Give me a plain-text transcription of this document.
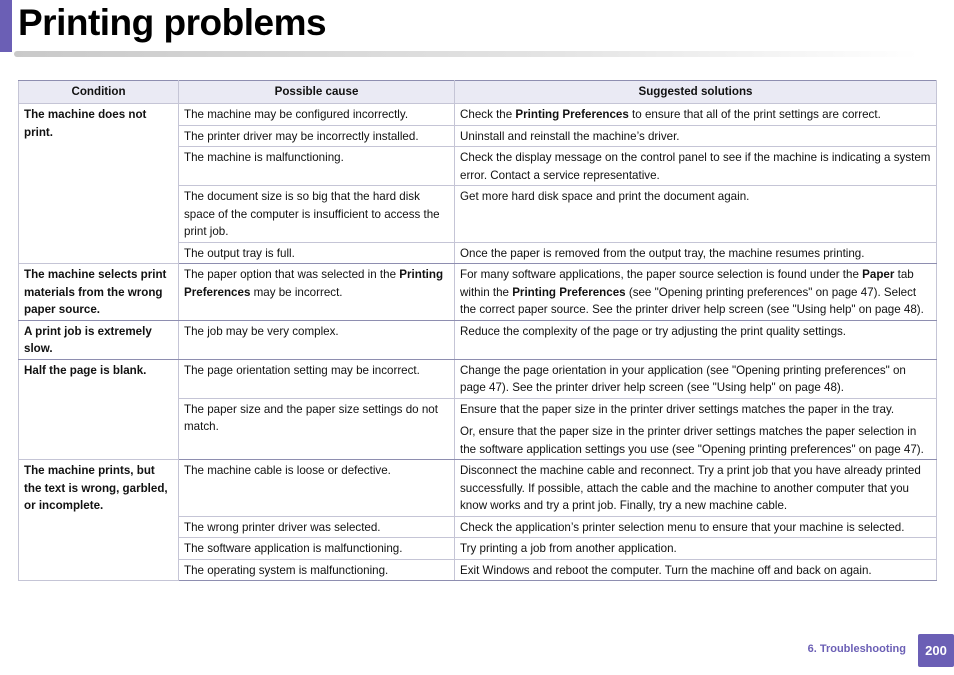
Printing problems
Condition	Possible cause	Suggested solutions
The machine does not print.	The machine may be configured incorrectly.	Check the Printing Preferences to ensure that all of the print settings are correct.
	The printer driver may be incorrectly installed.	Uninstall and reinstall the machine’s driver.
	The machine is malfunctioning.	Check the display message on the control panel to see if the machine is indicating a system error. Contact a service representative.
	The document size is so big that the hard disk space of the computer is insufficient to access the print job.	Get more hard disk space and print the document again.
	The output tray is full.	Once the paper is removed from the output tray, the machine resumes printing.
The machine selects print materials from the wrong paper source.	The paper option that was selected in the Printing Preferences may be incorrect.	For many software applications, the paper source selection is found under the Paper tab within the Printing Preferences (see "Opening printing preferences" on page 47). Select the correct paper source. See the printer driver help screen (see "Using help" on page 48).
A print job is extremely slow.	The job may be very complex.	Reduce the complexity of the page or try adjusting the print quality settings.
Half the page is blank.	The page orientation setting may be incorrect.	Change the page orientation in your application (see "Opening printing preferences" on page 47). See the printer driver help screen (see "Using help" on page 48).
	The paper size and the paper size settings do not match.	Ensure that the paper size in the printer driver settings matches the paper in the tray.

Or, ensure that the paper size in the printer driver settings matches the paper selection in the software application settings you use (see "Opening printing preferences" on page 47).

The machine prints, but the text is wrong, garbled, or incomplete.	The machine cable is loose or defective.	Disconnect the machine cable and reconnect. Try a print job that you have already printed successfully. If possible, attach the cable and the machine to another computer that you know works and try a print job. Finally, try a new machine cable.
	The wrong printer driver was selected.	Check the application’s printer selection menu to ensure that your machine is selected.
	The software application is malfunctioning.	Try printing a job from another application.
	The operating system is malfunctioning.	Exit Windows and reboot the computer. Turn the machine off and back on again.
6. Troubleshooting	200
